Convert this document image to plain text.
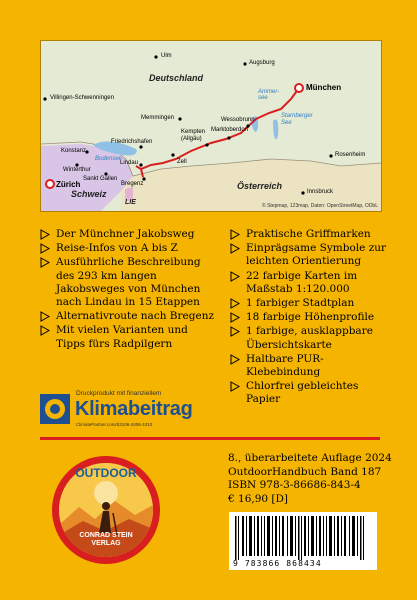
Deutschland
Österreich
Schweiz
LIE
Ulm
Augsburg
München
Villingen-Schwenningen
Memmingen
Konstanz
Friedrichshafen
Lindau
Kempten (Allgäu)
Wessobrunn
Marktoberdorf
Rosenheim
Winterthur
Sankt Gallen
Bregenz
Zell
Zürich
Innsbruck
Bodensee
Ammer-see
Starnberger See
© Stepmap, 123map, Daten: OpenStreetMap, ODbL
Der Münchner Jakobsweg
Reise-Infos von A bis Z
Ausführliche Beschreibung des 293 km langen Jakobsweges von München nach Lindau in 15 Etappen
Alternativroute nach Bregenz
Mit vielen Varianten und Tipps fürs Radpilgern
Praktische Griffmarken
Einprägsame Symbole zur leichten Orientierung
22 farbige Karten im Maßstab 1:120.000
1 farbiger Stadtplan
18 farbige Höhenprofile
1 farbige, ausklappbare Übersichtskarte
Haltbare PUR-Klebebindung
Chlorfrei gebleichtes Papier
Druckprodukt mit finanziellem
Klimabeitrag
ClimatePartner.com/53106-2406-1010
OUTDOOR
CONRAD STEIN
VERLAG
8., überarbeitete Auflage 2024
OutdoorHandbuch Band 187
ISBN 978-3-86686-843-4
€ 16,90 [D]
9 783866 868434
